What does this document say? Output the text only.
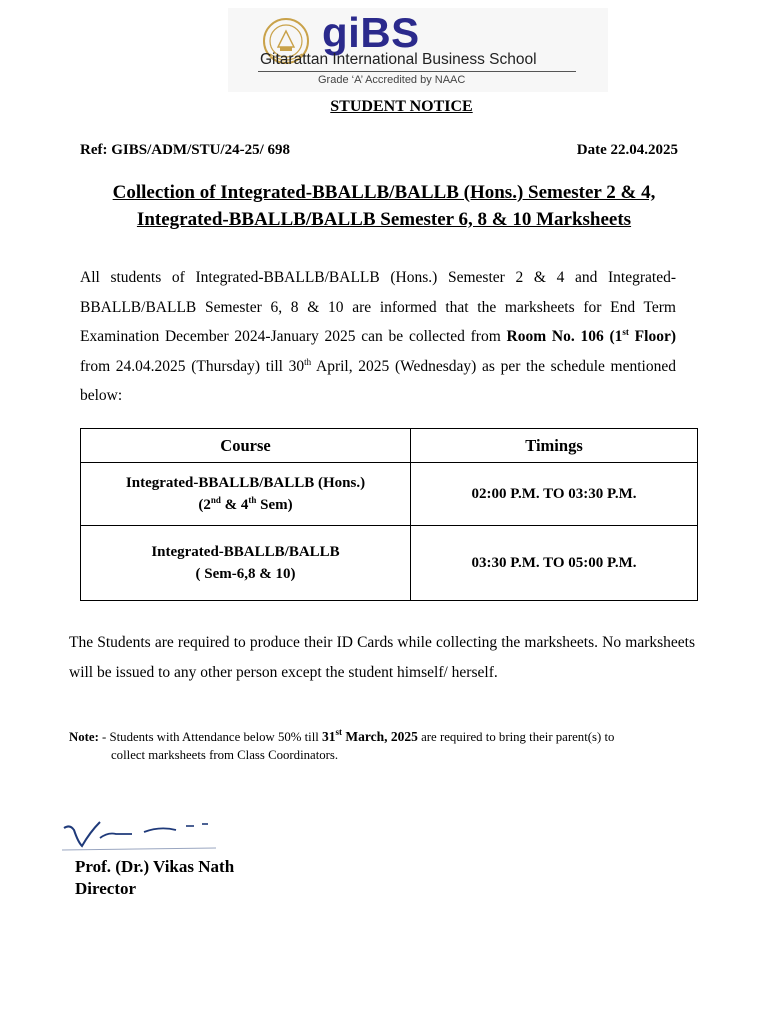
giBS
Gitarattan International Business School
Grade ‘A’ Accredited by NAAC
STUDENT NOTICE
Ref: GIBS/ADM/STU/24-25/ 698	Date 22.04.2025
Collection of Integrated-BBALLB/BALLB (Hons.) Semester 2 & 4,
Integrated-BBALLB/BALLB Semester 6, 8 & 10 Marksheets
All students of Integrated-BBALLB/BALLB (Hons.) Semester 2 & 4 and Integrated-BBALLB/BALLB Semester 6, 8 & 10 are informed that the marksheets for End Term Examination December 2024-January 2025 can be collected from Room No. 106 (1st Floor) from 24.04.2025 (Thursday) till 30th April, 2025 (Wednesday) as per the schedule mentioned below:
Course	Timings
Integrated-BBALLB/BALLB (Hons.)
(2nd & 4th Sem)	02:00 P.M. TO 03:30 P.M.
Integrated-BBALLB/BALLB
( Sem-6,8 & 10)	03:30 P.M. TO 05:00 P.M.
The Students are required to produce their ID Cards while collecting the marksheets. No marksheets will be issued to any other person except the student himself/ herself.
Note: - Students with Attendance below 50% till 31st March, 2025 are required to bring their parent(s) to
collect marksheets from Class Coordinators.
Prof. (Dr.) Vikas Nath
Director
